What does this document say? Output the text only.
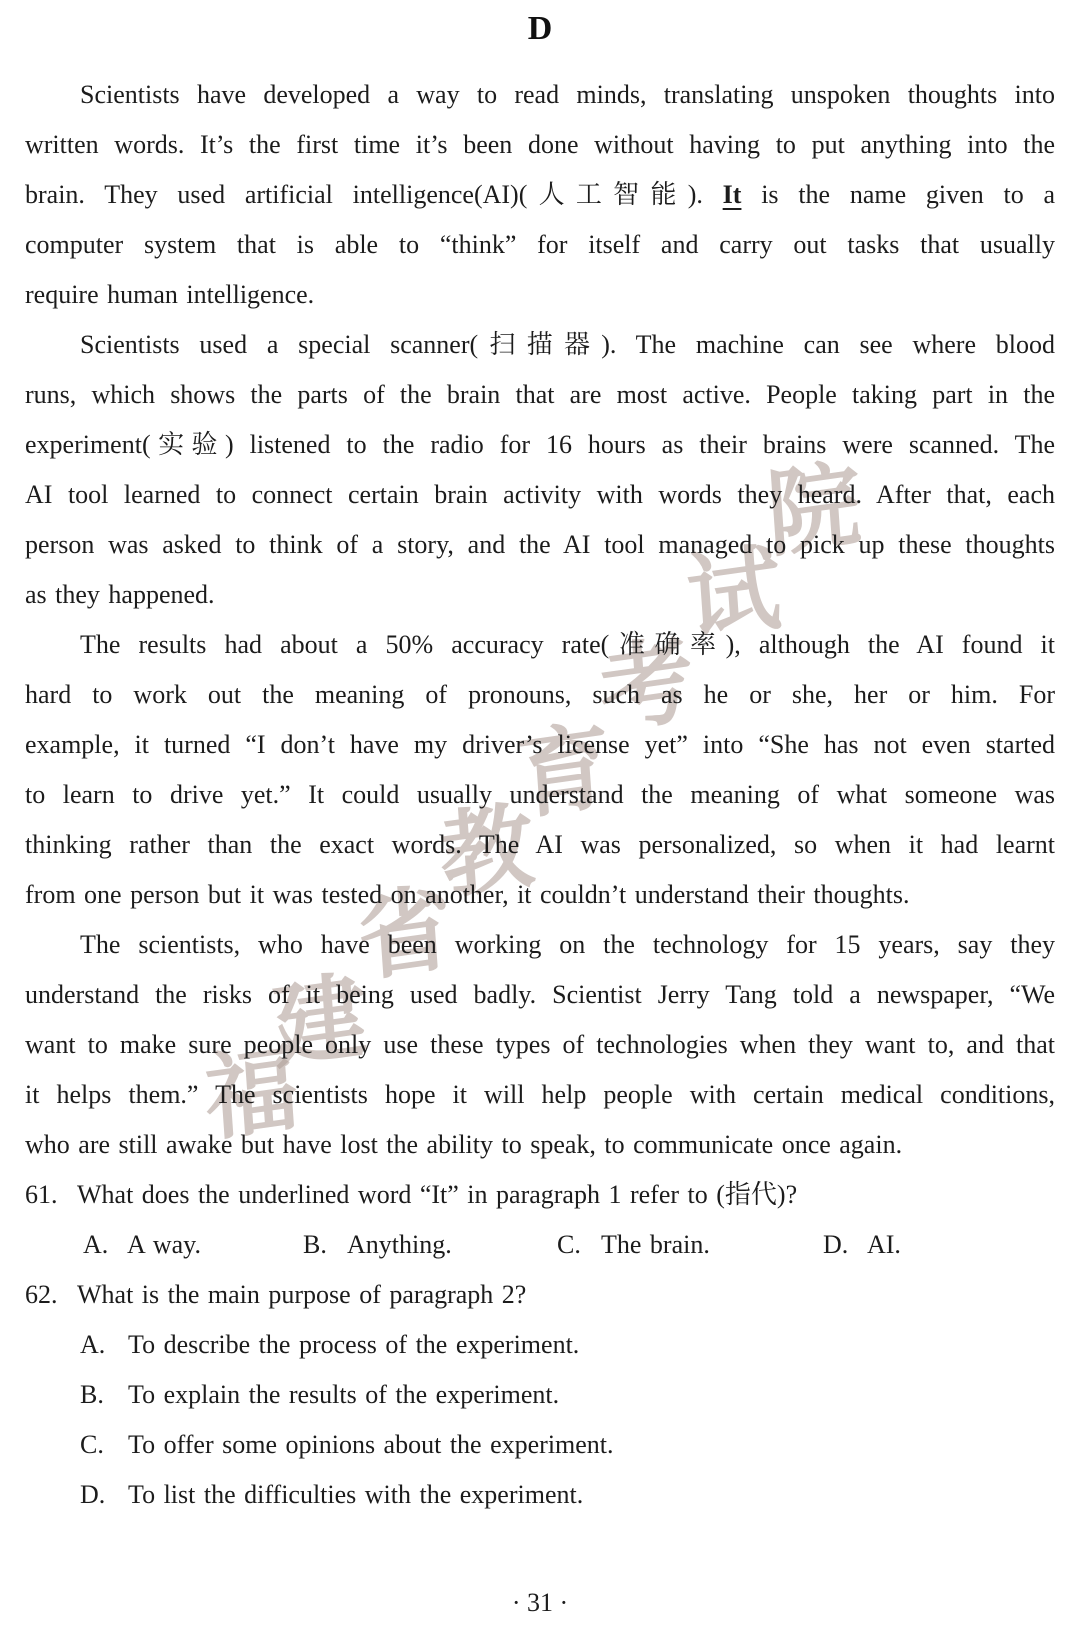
福
建
省
教
育
考
试
院
D
Scientists have developed a way to read minds, translating unspoken thoughts into
written words. It’s the first time it’s been done without having to put anything into the
brain. They used artificial intelligence(AI)(人工智能). It is the name given to a
computer system that is able to “think” for itself and carry out tasks that usually
require human intelligence.
Scientists used a special scanner(扫描器). The machine can see where blood
runs, which shows the parts of the brain that are most active. People taking part in the
experiment(实验) listened to the radio for 16 hours as their brains were scanned. The
AI tool learned to connect certain brain activity with words they heard. After that, each
person was asked to think of a story, and the AI tool managed to pick up these thoughts
as they happened.
The results had about a 50% accuracy rate(准确率), although the AI found it
hard to work out the meaning of pronouns, such as he or she, her or him. For
example, it turned “I don’t have my driver’s license yet” into “She has not even started
to learn to drive yet.” It could usually understand the meaning of what someone was
thinking rather than the exact words. The AI was personalized, so when it had learnt
from one person but it was tested on another, it couldn’t understand their thoughts.
The scientists, who have been working on the technology for 15 years, say they
understand the risks of it being used badly. Scientist Jerry Tang told a newspaper, “We
want to make sure people only use these types of technologies when they want to, and that
it helps them.” The scientists hope it will help people with certain medical conditions,
who are still awake but have lost the ability to speak, to communicate once again.
61. What does the underlined word “It” in paragraph 1 refer to (指代)?
A. A way.	B. Anything.	C. The brain.	D. AI.
62. What is the main purpose of paragraph 2?
A. To describe the process of the experiment.
B. To explain the results of the experiment.
C. To offer some opinions about the experiment.
D. To list the difficulties with the experiment.
· 31 ·
